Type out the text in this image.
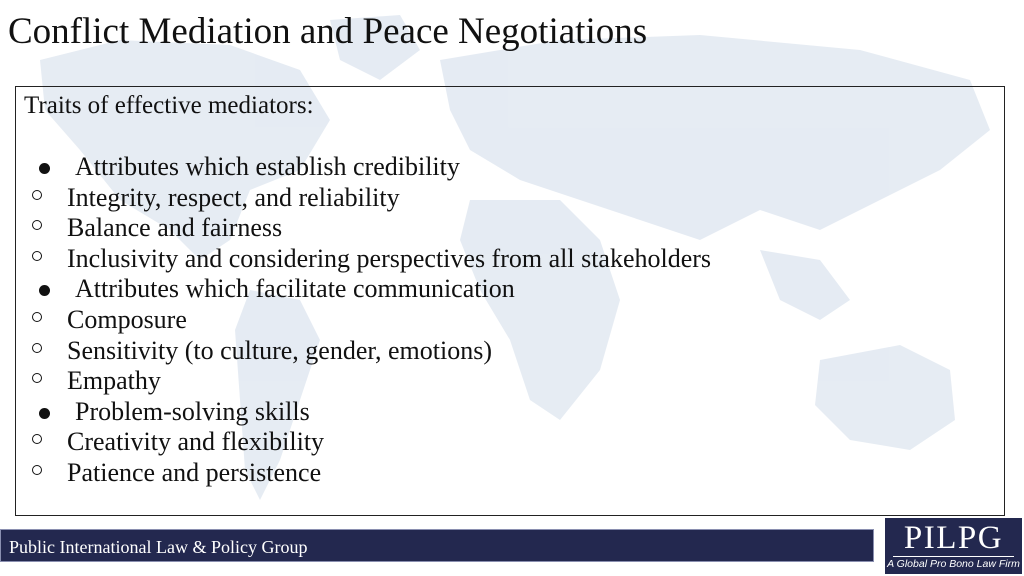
Conflict Mediation and Peace Negotiations
Traits of effective mediators:
Attributes which establish credibility
Integrity, respect, and reliability
Balance and fairness
Inclusivity and considering perspectives from all stakeholders
Attributes which facilitate communication
Composure
Sensitivity (to culture, gender, emotions)
Empathy
Problem-solving skills
Creativity and flexibility
Patience and persistence
Public International Law & Policy Group	PILPG
A Global Pro Bono Law Firm
